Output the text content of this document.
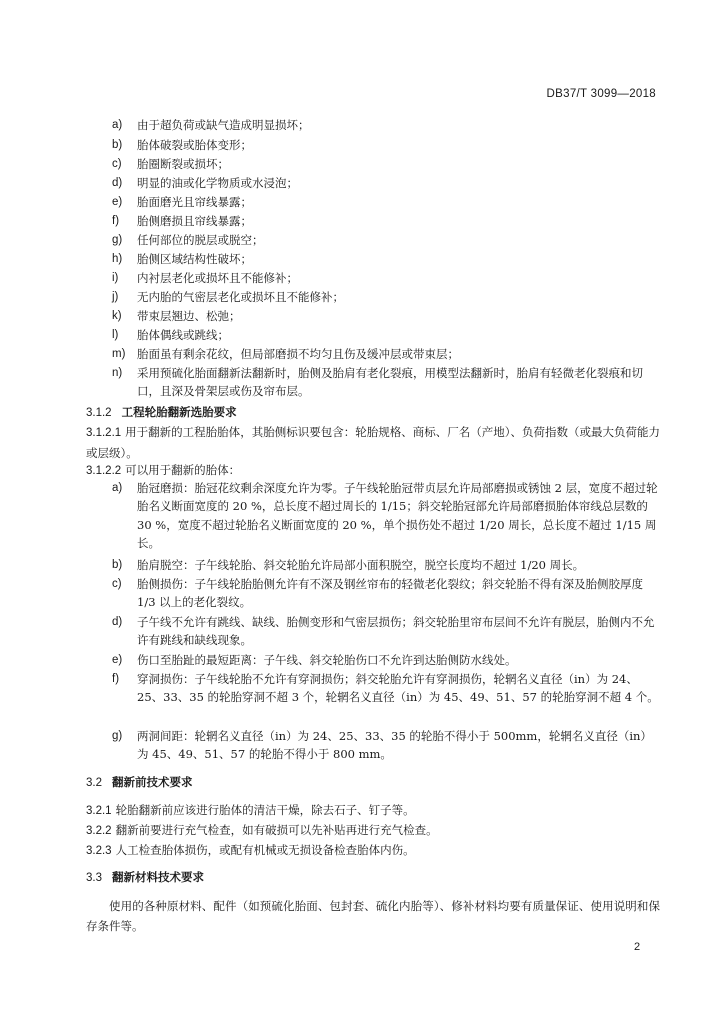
DB37/T 3099—2018
a) 由于超负荷或缺气造成明显损坏；
b) 胎体破裂或胎体变形；
c) 胎圈断裂或损坏；
d) 明显的油或化学物质或水浸泡；
e) 胎面磨光且帘线暴露；
f) 胎侧磨损且帘线暴露；
g) 任何部位的脱层或脱空；
h) 胎侧区域结构性破坏；
i) 内衬层老化或损坏且不能修补；
j) 无内胎的气密层老化或损坏且不能修补；
k) 带束层翘边、松弛；
l) 胎体偶线或跳线；
m) 胎面虽有剩余花纹，但局部磨损不均匀且伤及缓冲层或带束层；
n) 采用预硫化胎面翻新法翻新时，胎侧及胎肩有老化裂痕，用模型法翻新时，胎肩有轻微老化裂痕和切口，且深及骨架层或伤及帘布层。
3.1.2 工程轮胎翻新选胎要求

3.1.2.1 用于翻新的工程胎胎体，其胎侧标识要包含：轮胎规格、商标、厂名（产地）、负荷指数（或最大负荷能力或层级）。

3.1.2.2 可以用于翻新的胎体：

a) 胎冠磨损：胎冠花纹剩余深度允许为零。子午线轮胎冠带贞层允许局部磨损或锈蚀 2 层，宽度不超过轮胎名义断面宽度的 20 %，总长度不超过周长的 1/15；斜交轮胎冠部允许局部磨损胎体帘线总层数的 30 %，宽度不超过轮胎名义断面宽度的 20 %，单个损伤处不超过 1/20 周长，总长度不超过 1/15 周长。
b) 胎肩脱空：子午线轮胎、斜交轮胎允许局部小面积脱空，脱空长度均不超过 1/20 周长。
c) 胎侧损伤：子午线轮胎胎侧允许有不深及钢丝帘布的轻微老化裂纹；斜交轮胎不得有深及胎侧胶厚度 1/3 以上的老化裂纹。
d) 子午线不允许有跳线、缺线、胎侧变形和气密层损伤；斜交轮胎里帘布层间不允许有脱层，胎侧内不允许有跳线和缺线现象。
e) 伤口至胎趾的最短距离：子午线、斜交轮胎伤口不允许到达胎侧防水线处。
f) 穿洞损伤：子午线轮胎不允许有穿洞损伤；斜交轮胎允许有穿洞损伤，轮辋名义直径（in）为 24、25、33、35 的轮胎穿洞不超 3 个，轮辋名义直径（in）为 45、49、51、57 的轮胎穿洞不超 4 个。
g) 两洞间距：轮辋名义直径（in）为 24、25、33、35 的轮胎不得小于 500mm，轮辋名义直径（in）为 45、49、51、57 的轮胎不得小于 800 mm。
3.2 翻新前技术要求

3.2.1 轮胎翻新前应该进行胎体的清洁干燥，除去石子、钉子等。

3.2.2 翻新前要进行充气检查，如有破损可以先补贴再进行充气检查。

3.2.3 人工检查胎体损伤，或配有机械或无损设备检查胎体内伤。

3.3 翻新材料技术要求

使用的各种原材料、配件（如预硫化胎面、包封套、硫化内胎等）、修补材料均要有质量保证、使用说明和保存条件等。

2
